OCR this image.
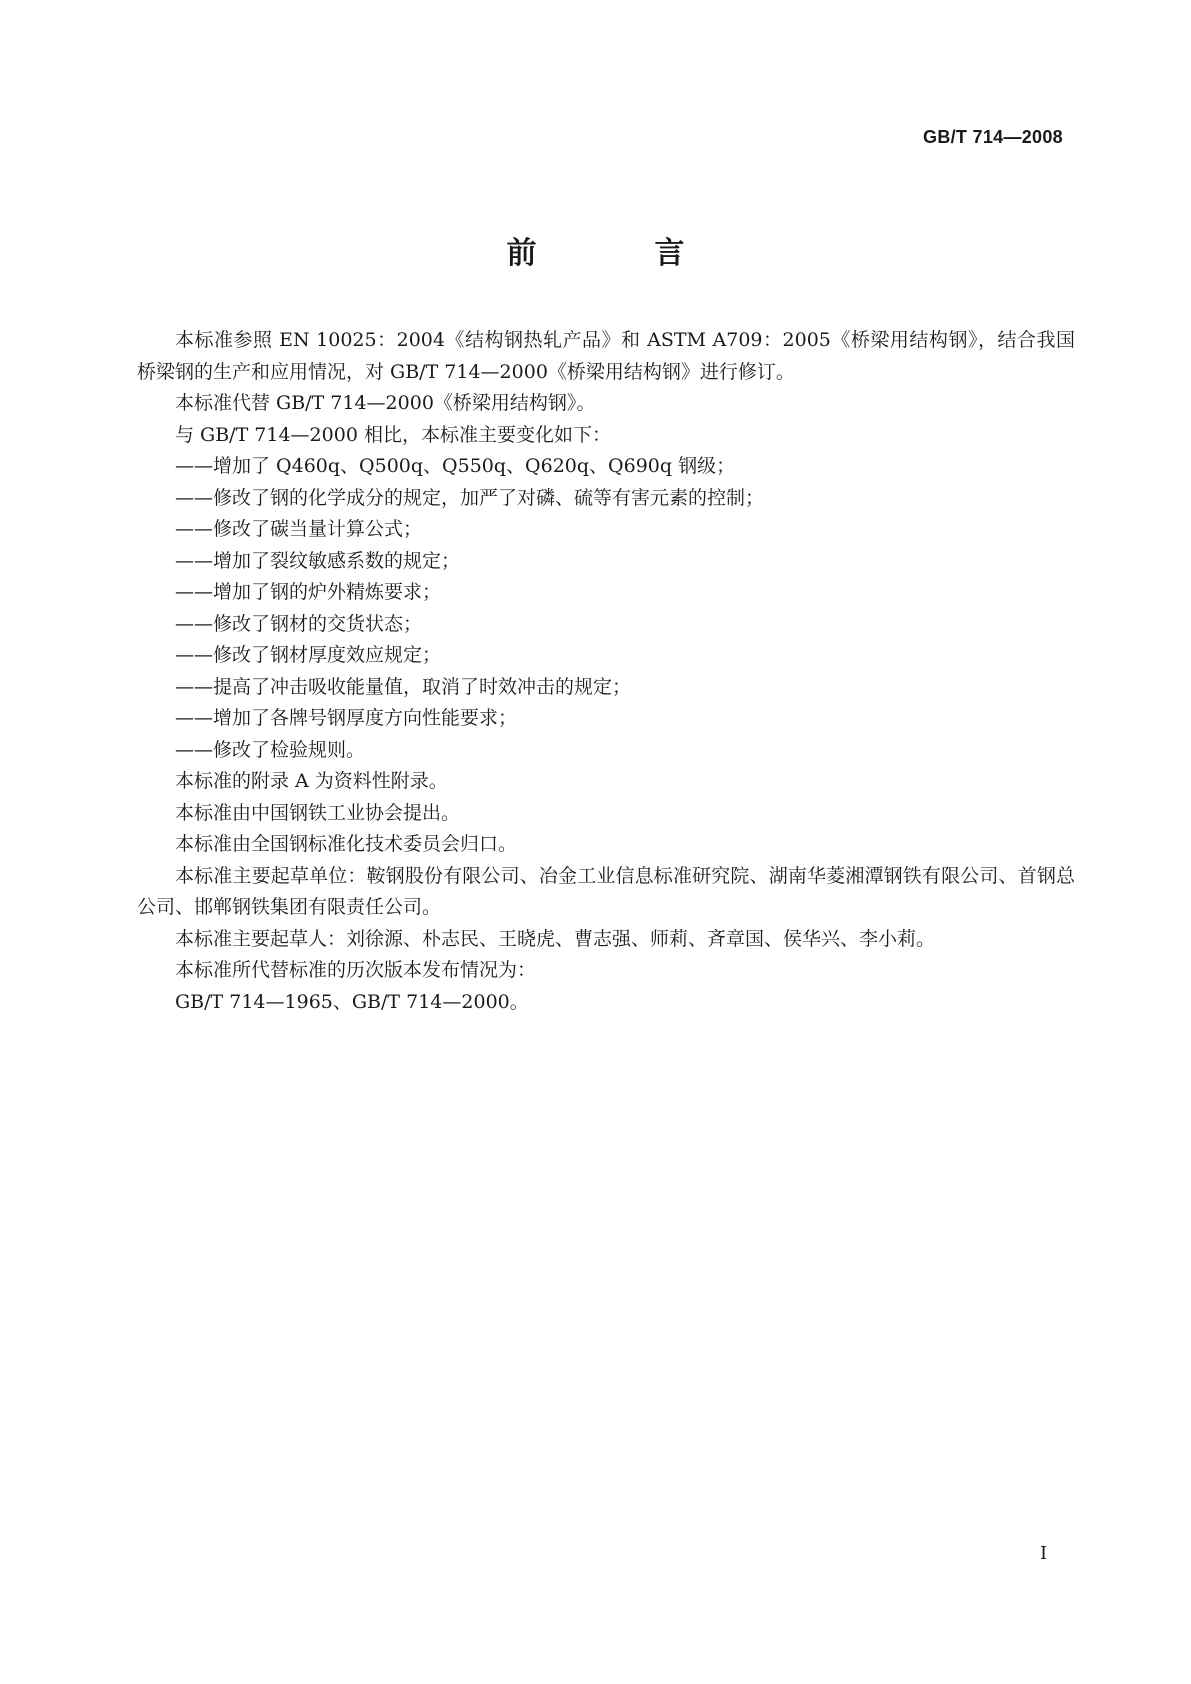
GB/T 714—2008
前　言

本标准参照 EN 10025：2004《结构钢热轧产品》和 ASTM A709：2005《桥梁用结构钢》，结合我国桥梁钢的生产和应用情况，对 GB/T 714—2000《桥梁用结构钢》进行修订。

本标准代替 GB/T 714—2000《桥梁用结构钢》。

与 GB/T 714—2000 相比，本标准主要变化如下：

——增加了 Q460q、Q500q、Q550q、Q620q、Q690q 钢级；

——修改了钢的化学成分的规定，加严了对磷、硫等有害元素的控制；

——修改了碳当量计算公式；

——增加了裂纹敏感系数的规定；

——增加了钢的炉外精炼要求；

——修改了钢材的交货状态；

——修改了钢材厚度效应规定；

——提高了冲击吸收能量值，取消了时效冲击的规定；

——增加了各牌号钢厚度方向性能要求；

——修改了检验规则。

本标准的附录 A 为资料性附录。

本标准由中国钢铁工业协会提出。

本标准由全国钢标准化技术委员会归口。

本标准主要起草单位：鞍钢股份有限公司、冶金工业信息标准研究院、湖南华菱湘潭钢铁有限公司、首钢总公司、邯郸钢铁集团有限责任公司。

本标准主要起草人：刘徐源、朴志民、王晓虎、曹志强、师莉、斉章国、侯华兴、李小莉。

本标准所代替标准的历次版本发布情况为：

GB/T 714—1965、GB/T 714—2000。

I
